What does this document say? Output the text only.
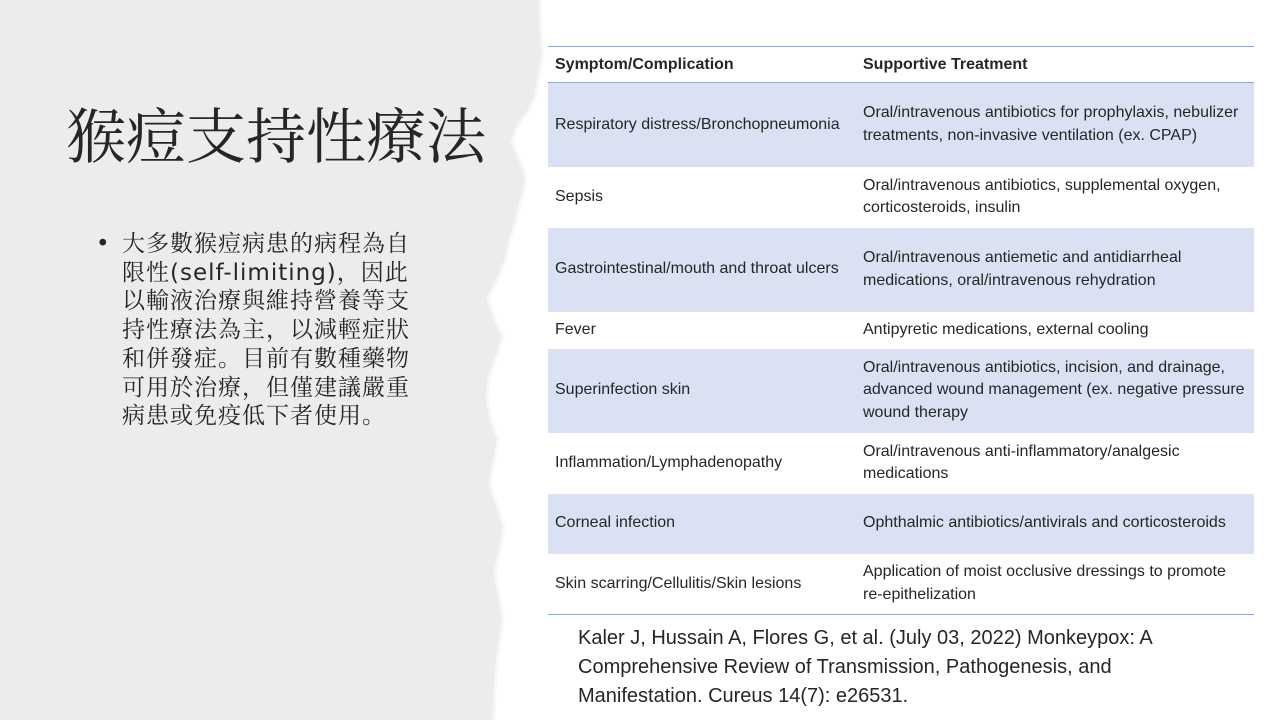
猴痘支持性療法
• 大多數猴痘病患的病程為自限性(self-limiting)，因此以輸液治療與維持營養等支持性療法為主，以減輕症狀和併發症。目前有數種藥物可用於治療，但僅建議嚴重病患或免疫低下者使用。
Symptom/Complication	Supportive Treatment
Respiratory distress/Bronchopneumonia	Oral/intravenous antibiotics for prophylaxis, nebulizer treatments, non-invasive ventilation (ex. CPAP)
Sepsis	Oral/intravenous antibiotics, supplemental oxygen, corticosteroids, insulin
Gastrointestinal/mouth and throat ulcers	Oral/intravenous antiemetic and antidiarrheal medications, oral/intravenous rehydration
Fever	Antipyretic medications, external cooling
Superinfection skin	Oral/intravenous antibiotics, incision, and drainage, advanced wound management (ex. negative pressure wound therapy
Inflammation/Lymphadenopathy	Oral/intravenous anti-inflammatory/analgesic medications
Corneal infection	Ophthalmic antibiotics/antivirals and corticosteroids
Skin scarring/Cellulitis/Skin lesions	Application of moist occlusive dressings to promote re-epithelization
Kaler J, Hussain A, Flores G, et al. (July 03, 2022) Monkeypox: A Comprehensive Review of Transmission, Pathogenesis, and Manifestation. Cureus 14(7): e26531.
